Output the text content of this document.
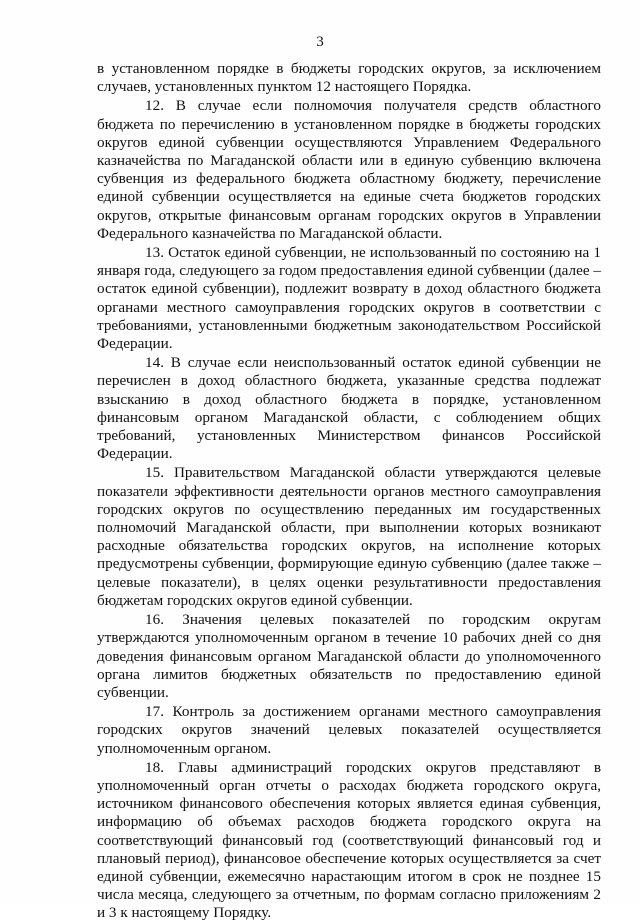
3

в установленном порядке в бюджеты городских округов, за исключением случаев, установленных пунктом 12 настоящего Порядка.

12. В случае если полномочия получателя средств областного бюджета по перечислению в установленном порядке в бюджеты городских округов единой субвенции осуществляются Управлением Федерального казначейства по Магаданской области или в единую субвенцию включена субвенция из федерального бюджета областному бюджету, перечисление единой субвенции осуществляется на единые счета бюджетов городских округов, открытые финансовым органам городских округов в Управлении Федерального казначейства по Магаданской области.

13. Остаток единой субвенции, не использованный по состоянию на 1 января года, следующего за годом предоставления единой субвенции (далее – остаток единой субвенции), подлежит возврату в доход областного бюджета органами местного самоуправления городских округов в соответствии с требованиями, установленными бюджетным законодательством Российской Федерации.

14. В случае если неиспользованный остаток единой субвенции не перечислен в доход областного бюджета, указанные средства подлежат взысканию в доход областного бюджета в порядке, установленном финансовым органом Магаданской области, с соблюдением общих требований, установленных Министерством финансов Российской Федерации.

15. Правительством Магаданской области утверждаются целевые показатели эффективности деятельности органов местного самоуправления городских округов по осуществлению переданных им государственных полномочий Магаданской области, при выполнении которых возникают расходные обязательства городских округов, на исполнение которых предусмотрены субвенции, формирующие единую субвенцию (далее также – целевые показатели), в целях оценки результативности предоставления бюджетам городских округов единой субвенции.

16. Значения целевых показателей по городским округам утверждаются уполномоченным органом в течение 10 рабочих дней со дня доведения финансовым органом Магаданской области до уполномоченного органа лимитов бюджетных обязательств по предоставлению единой субвенции.

17. Контроль за достижением органами местного самоуправления городских округов значений целевых показателей осуществляется уполномоченным органом.

18. Главы администраций городских округов представляют в уполномоченный орган отчеты о расходах бюджета городского округа, источником финансового обеспечения которых является единая субвенция, информацию об объемах расходов бюджета городского округа на соответствующий финансовый год (соответствующий финансовый год и плановый период), финансовое обеспечение которых осуществляется за счет единой субвенции, ежемесячно нарастающим итогом в срок не позднее 15 числа месяца, следующего за отчетным, по формам согласно приложениям 2 и 3 к настоящему Порядку.
